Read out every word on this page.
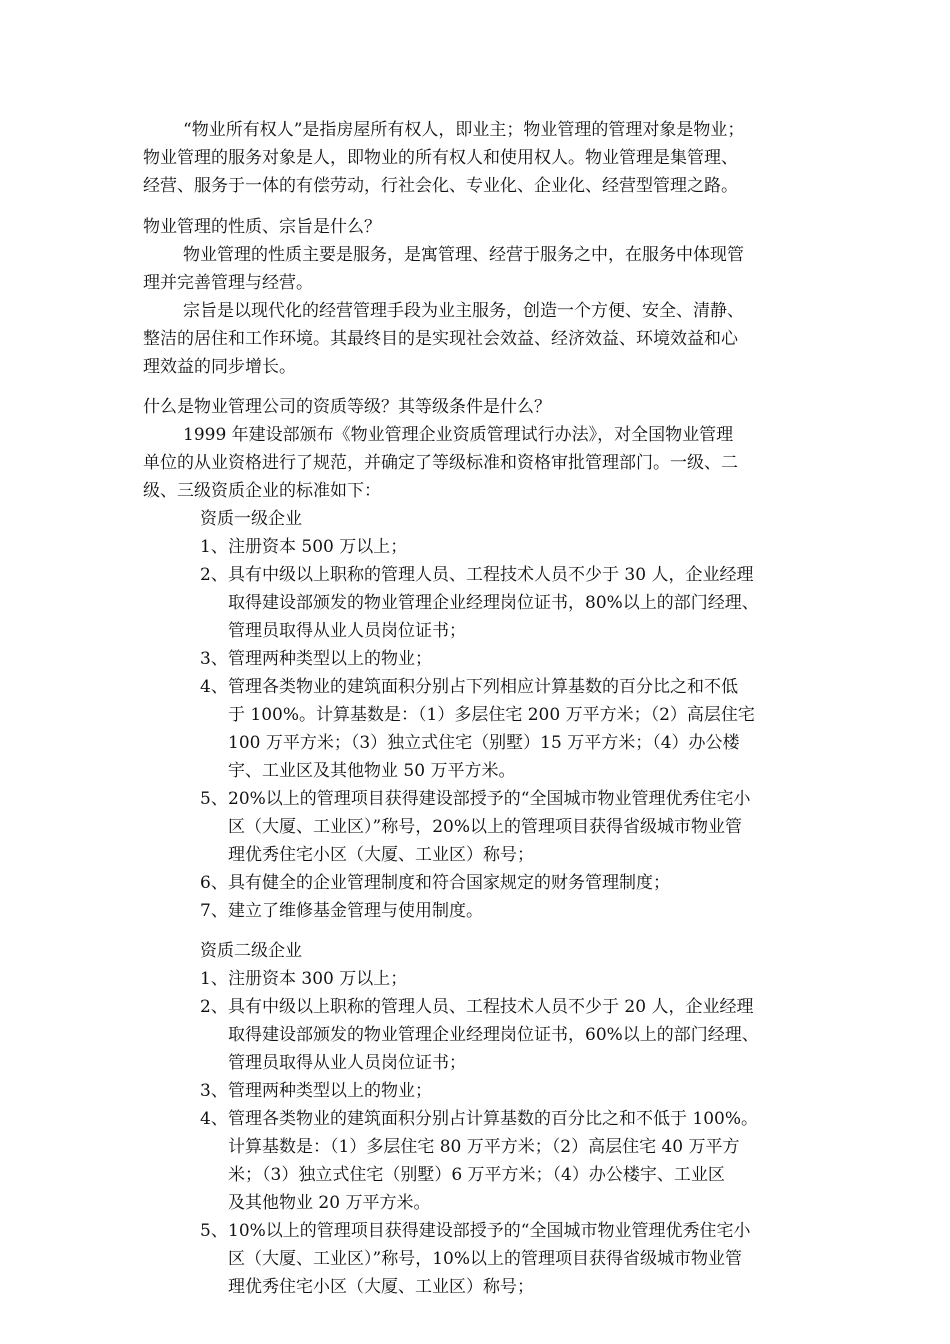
“物业所有权人”是指房屋所有权人，即业主；物业管理的管理对象是物业；
物业管理的服务对象是人，即物业的所有权人和使用权人。物业管理是集管理、
经营、服务于一体的有偿劳动，行社会化、专业化、企业化、经营型管理之路。
物业管理的性质、宗旨是什么？
物业管理的性质主要是服务，是寓管理、经营于服务之中，在服务中体现管
理并完善管理与经营。
宗旨是以现代化的经营管理手段为业主服务，创造一个方便、安全、清静、
整洁的居住和工作环境。其最终目的是实现社会效益、经济效益、环境效益和心
理效益的同步增长。
什么是物业管理公司的资质等级？其等级条件是什么？
1999 年建设部颁布《物业管理企业资质管理试行办法》，对全国物业管理
单位的从业资格进行了规范，并确定了等级标准和资格审批管理部门。一级、二
级、三级资质企业的标准如下：
资质一级企业
1、 注册资本 500 万以上；
2、 具有中级以上职称的管理人员、工程技术人员不少于 30 人，企业经理
取得建设部颁发的物业管理企业经理岗位证书，80%以上的部门经理、
管理员取得从业人员岗位证书；
3、 管理两种类型以上的物业；
4、 管理各类物业的建筑面积分别占下列相应计算基数的百分比之和不低
于 100%。计算基数是：（1）多层住宅 200 万平方米；（2）高层住宅
100 万平方米；（3）独立式住宅（别墅）15 万平方米；（4）办公楼
宇、工业区及其他物业 50 万平方米。
5、 20%以上的管理项目获得建设部授予的“全国城市物业管理优秀住宅小
区（大厦、工业区）”称号，20%以上的管理项目获得省级城市物业管
理优秀住宅小区（大厦、工业区）称号；
6、 具有健全的企业管理制度和符合国家规定的财务管理制度；
7、 建立了维修基金管理与使用制度。
资质二级企业
1、 注册资本 300 万以上；
2、 具有中级以上职称的管理人员、工程技术人员不少于 20 人，企业经理
取得建设部颁发的物业管理企业经理岗位证书，60%以上的部门经理、
管理员取得从业人员岗位证书；
3、 管理两种类型以上的物业；
4、 管理各类物业的建筑面积分别占计算基数的百分比之和不低于 100%。
计算基数是：（1）多层住宅 80 万平方米；（2）高层住宅 40 万平方
米；（3）独立式住宅（别墅）6 万平方米；（4）办公楼宇、工业区
及其他物业 20 万平方米。
5、 10%以上的管理项目获得建设部授予的“全国城市物业管理优秀住宅小
区（大厦、工业区）”称号，10%以上的管理项目获得省级城市物业管
理优秀住宅小区（大厦、工业区）称号；
